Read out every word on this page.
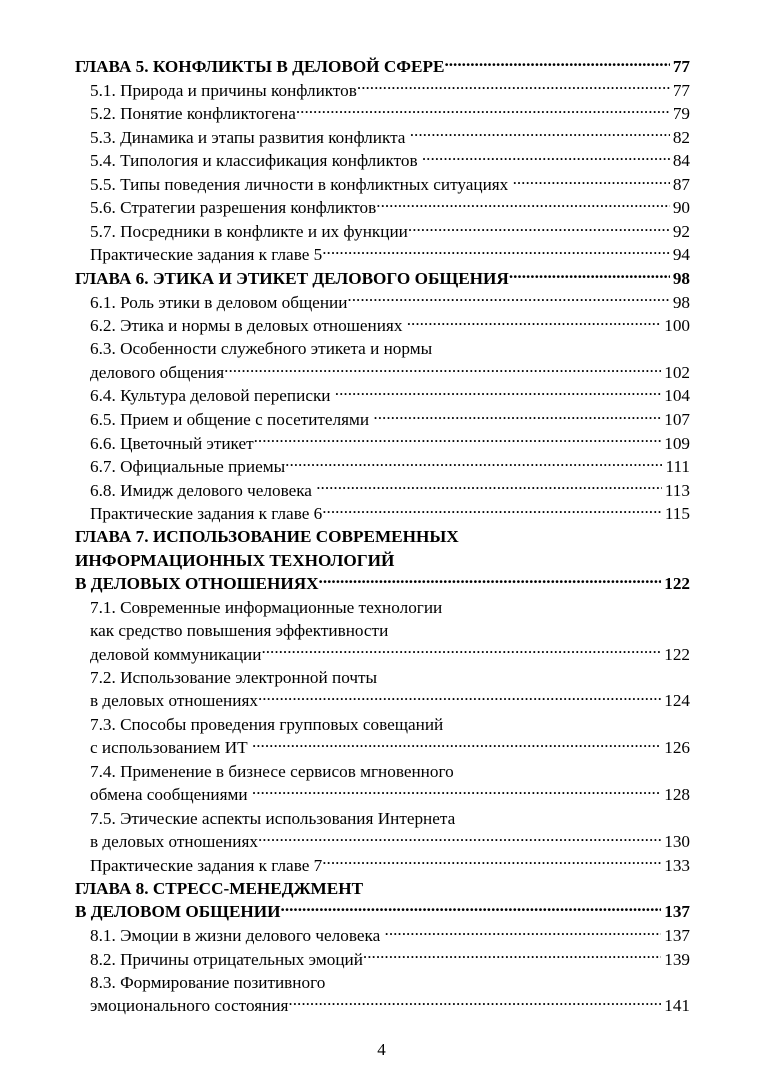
ГЛАВА 5. КОНФЛИКТЫ В ДЕЛОВОЙ СФЕРЕ .....	77
5.1. Природа и причины конфликтов .....	77
5.2. Понятие конфликтогена .....	79
5.3. Динамика и этапы развития конфликта .....	82
5.4. Типология и классификация конфликтов .....	84
5.5. Типы поведения личности в конфликтных ситуациях .....	87
5.6. Стратегии разрешения конфликтов .....	90
5.7. Посредники в конфликте и их функции .....	92
Практические задания к главе 5 .....	94
ГЛАВА 6. ЭТИКА И ЭТИКЕТ ДЕЛОВОГО ОБЩЕНИЯ .....	98
6.1. Роль этики в деловом общении .....	98
6.2. Этика и нормы в деловых отношениях .....	100
6.3. Особенности служебного этикета и нормы
делового общения .....	102
6.4. Культура деловой переписки .....	104
6.5. Прием и общение с посетителями .....	107
6.6. Цветочный этикет .....	109
6.7. Официальные приемы .....	111
6.8. Имидж делового человека .....	113
Практические задания к главе 6 .....	115
ГЛАВА 7. ИСПОЛЬЗОВАНИЕ СОВРЕМЕННЫХ
ИНФОРМАЦИОННЫХ ТЕХНОЛОГИЙ
В ДЕЛОВЫХ ОТНОШЕНИЯХ .....	122
7.1. Современные информационные технологии
как средство повышения эффективности
деловой коммуникации .....	122
7.2. Использование электронной почты
в деловых отношениях .....	124
7.3. Способы проведения групповых совещаний
с использованием ИТ .....	126
7.4. Применение в бизнесе сервисов мгновенного
обмена сообщениями .....	128
7.5. Этические аспекты использования Интернета
в деловых отношениях .....	130
Практические задания к главе 7 .....	133
ГЛАВА 8. СТРЕСС-МЕНЕДЖМЕНТ
В ДЕЛОВОМ ОБЩЕНИИ .....	137
8.1. Эмоции в жизни делового человека .....	137
8.2. Причины отрицательных эмоций .....	139
8.3. Формирование позитивного
эмоционального состояния .....	141
4
